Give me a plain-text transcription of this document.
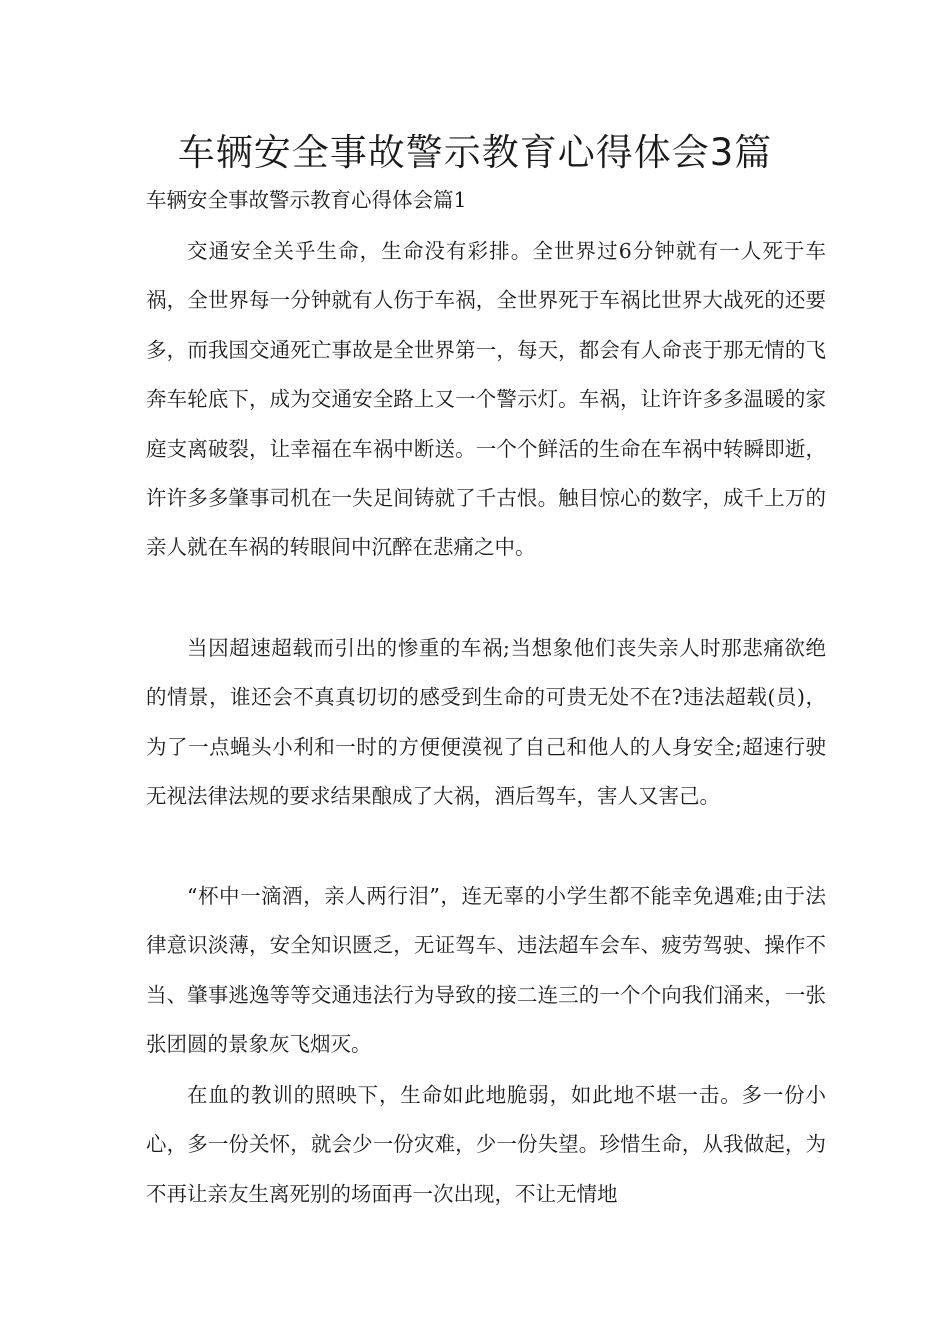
车辆安全事故警示教育心得体会3篇
车辆安全事故警示教育心得体会篇1

交通安全关乎生命，生命没有彩排。全世界过6分钟就有一人死于车祸，全世界每一分钟就有人伤于车祸，全世界死于车祸比世界大战死的还要多，而我国交通死亡事故是全世界第一，每天，都会有人命丧于那无情的飞奔车轮底下，成为交通安全路上又一个警示灯。车祸，让许许多多温暖的家庭支离破裂，让幸福在车祸中断送。一个个鲜活的生命在车祸中转瞬即逝，许许多多肇事司机在一失足间铸就了千古恨。触目惊心的数字，成千上万的亲人就在车祸的转眼间中沉醉在悲痛之中。

当因超速超载而引出的惨重的车祸;当想象他们丧失亲人时那悲痛欲绝的情景，谁还会不真真切切的感受到生命的可贵无处不在?违法超载(员)，为了一点蝇头小利和一时的方便便漠视了自己和他人的人身安全;超速行驶无视法律法规的要求结果酿成了大祸，酒后驾车，害人又害己。

“杯中一滴酒，亲人两行泪”，连无辜的小学生都不能幸免遇难;由于法律意识淡薄，安全知识匮乏，无证驾车、违法超车会车、疲劳驾驶、操作不当、肇事逃逸等等交通违法行为导致的接二连三的一个个向我们涌来，一张张团圆的景象灰飞烟灭。

在血的教训的照映下，生命如此地脆弱，如此地不堪一击。多一份小心，多一份关怀，就会少一份灾难，少一份失望。珍惜生命，从我做起，为不再让亲友生离死别的场面再一次出现，不让无情地
